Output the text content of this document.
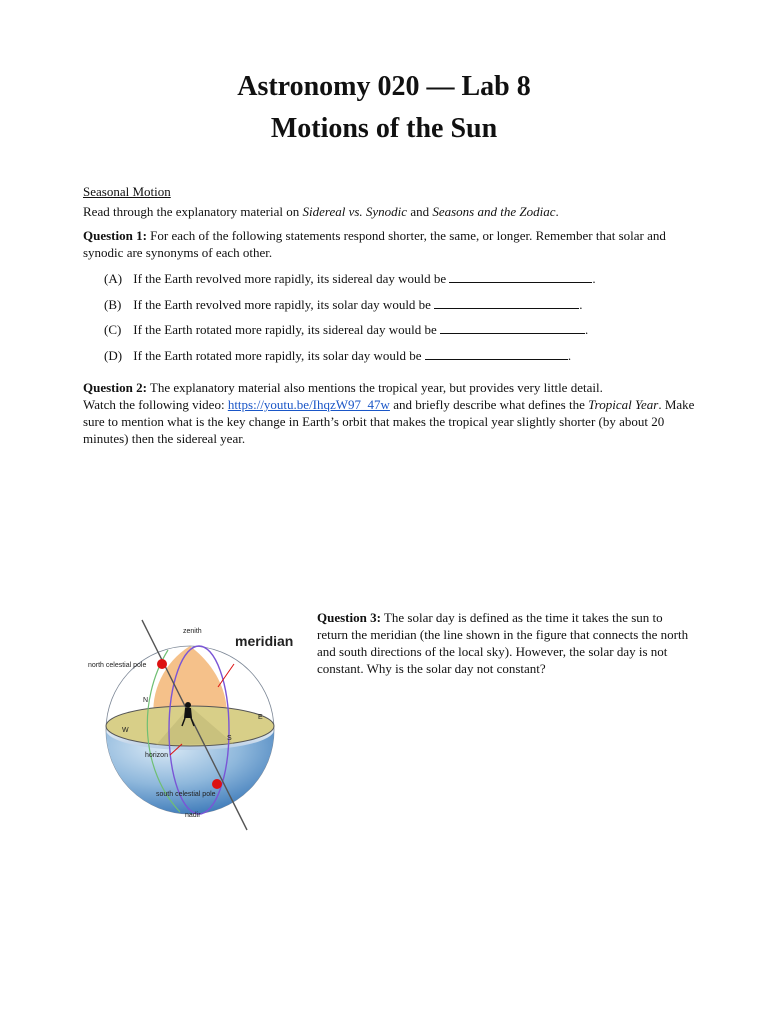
Astronomy 020 — Lab 8
Motions of the Sun
Seasonal Motion
Read through the explanatory material on Sidereal vs. Synodic and Seasons and the Zodiac.
Question 1: For each of the following statements respond shorter, the same, or longer. Remember that solar and synodic are synonyms of each other.
(A) If the Earth revolved more rapidly, its sidereal day would be	.
(B) If the Earth revolved more rapidly, its solar day would be	.
(C) If the Earth rotated more rapidly, its sidereal day would be	.
(D) If the Earth rotated more rapidly, its solar day would be	.
Question 2: The explanatory material also mentions the tropical year, but provides very little detail.
Watch the following video: https://youtu.be/IhqzW97_47w and briefly describe what defines the Tropical Year. Make sure to mention what is the key change in Earth’s orbit that makes the tropical year slightly shorter (by about 20 minutes) then the sidereal year.
zenith
meridian
north celestial pole
N
E
W
S
horizon
south celestial pole
nadir
Question 3: The solar day is defined as the time it takes the sun to return the meridian (the line shown in the figure that connects the north and south directions of the local sky). However, the solar day is not constant. Why is the solar day not constant?
